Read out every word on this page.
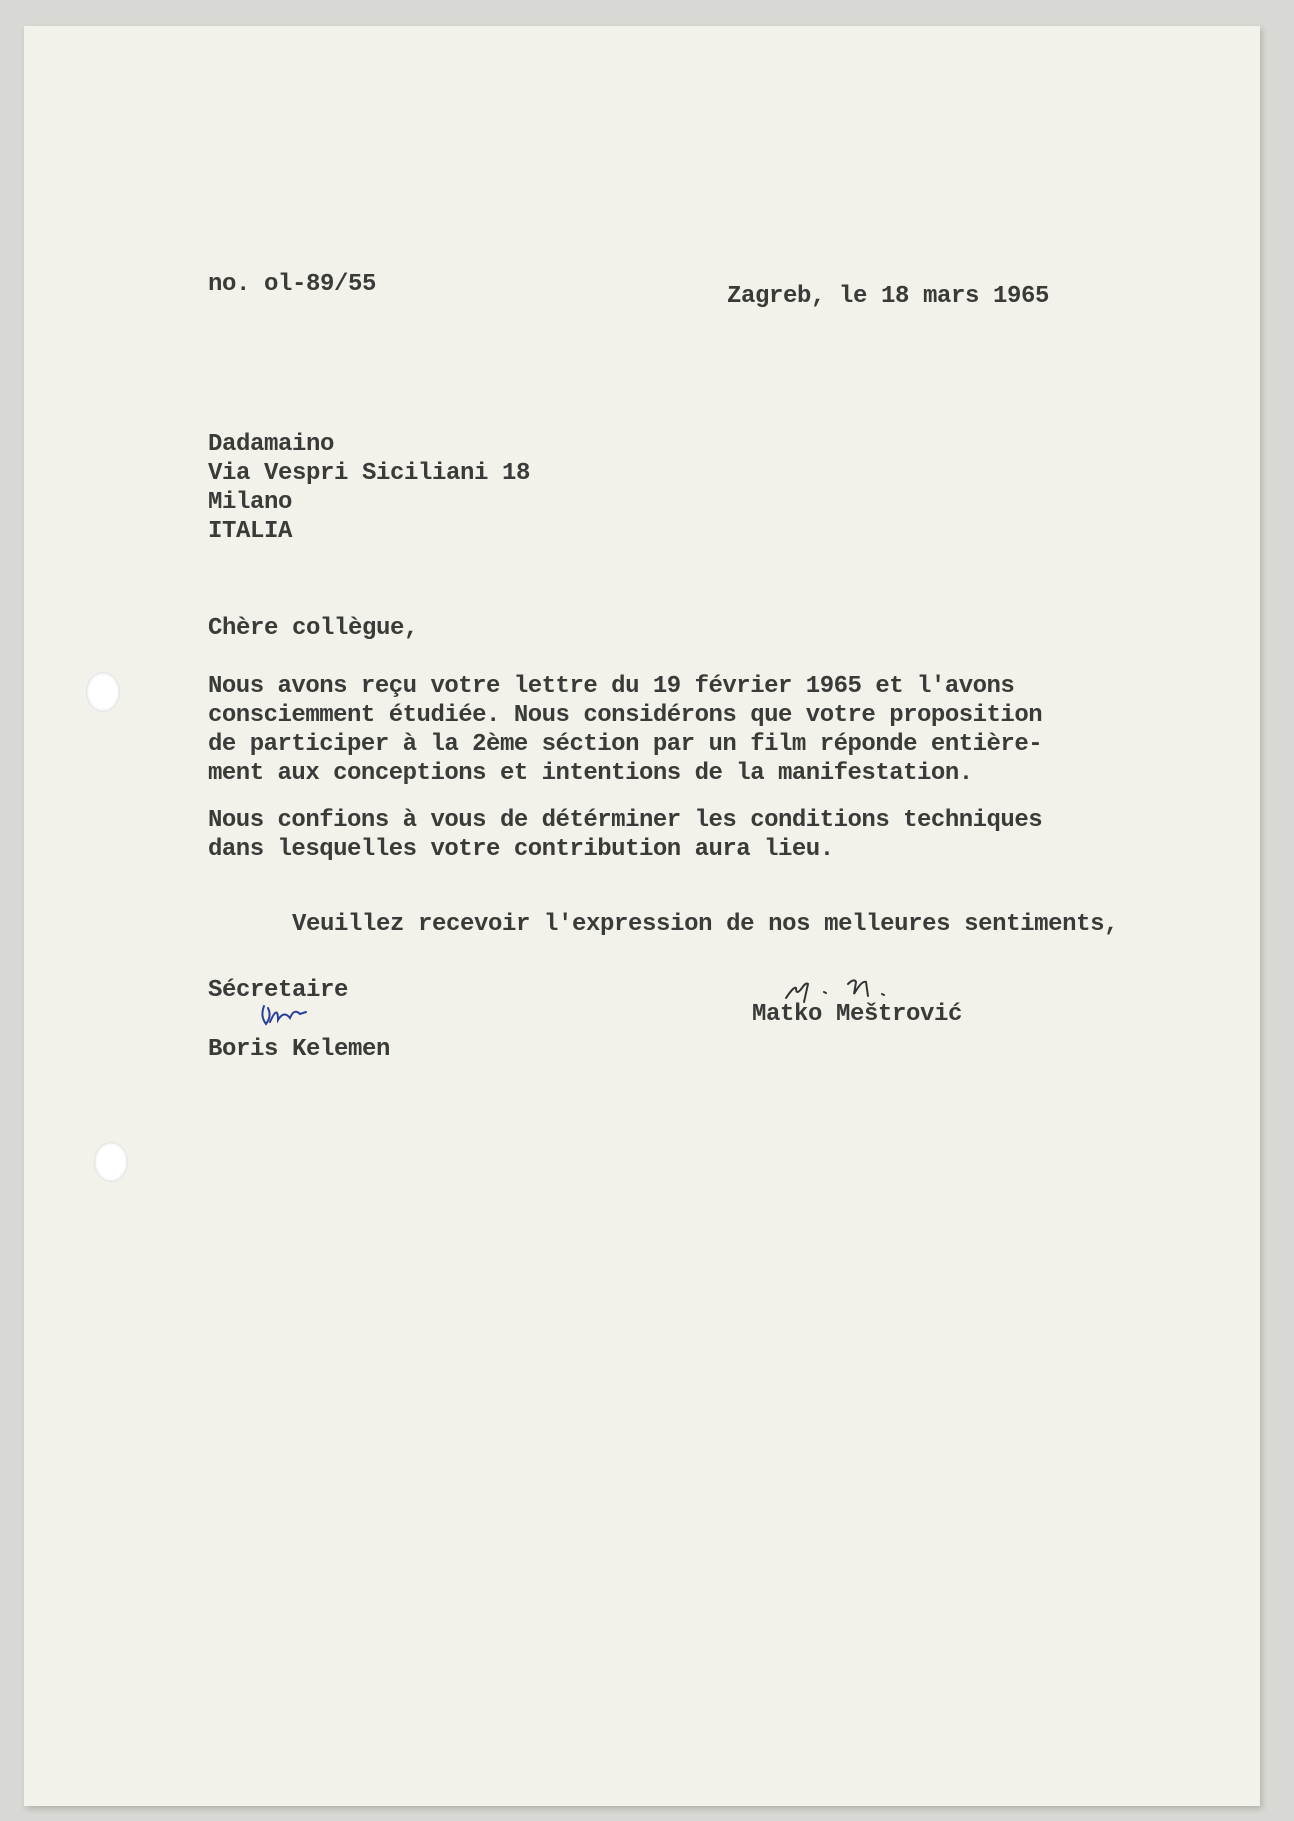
no. ol-89/55	Zagreb, le 18 mars 1965
Dadamaino
Via Vespri Siciliani 18
Milano
ITALIA
Chère collègue,
Nous avons reçu votre lettre du 19 février 1965 et l'avons
consciemment étudiée. Nous considérons que votre proposition
de participer à la 2ème séction par un film réponde entière-
ment aux conceptions et intentions de la manifestation.
Nous confions à vous de détérminer les conditions techniques
dans lesquelles votre contribution aura lieu.
Veuillez recevoir l'expression de nos melleures sentiments,
Sécretaire
Boris Kelemen
Matko Meštrović
